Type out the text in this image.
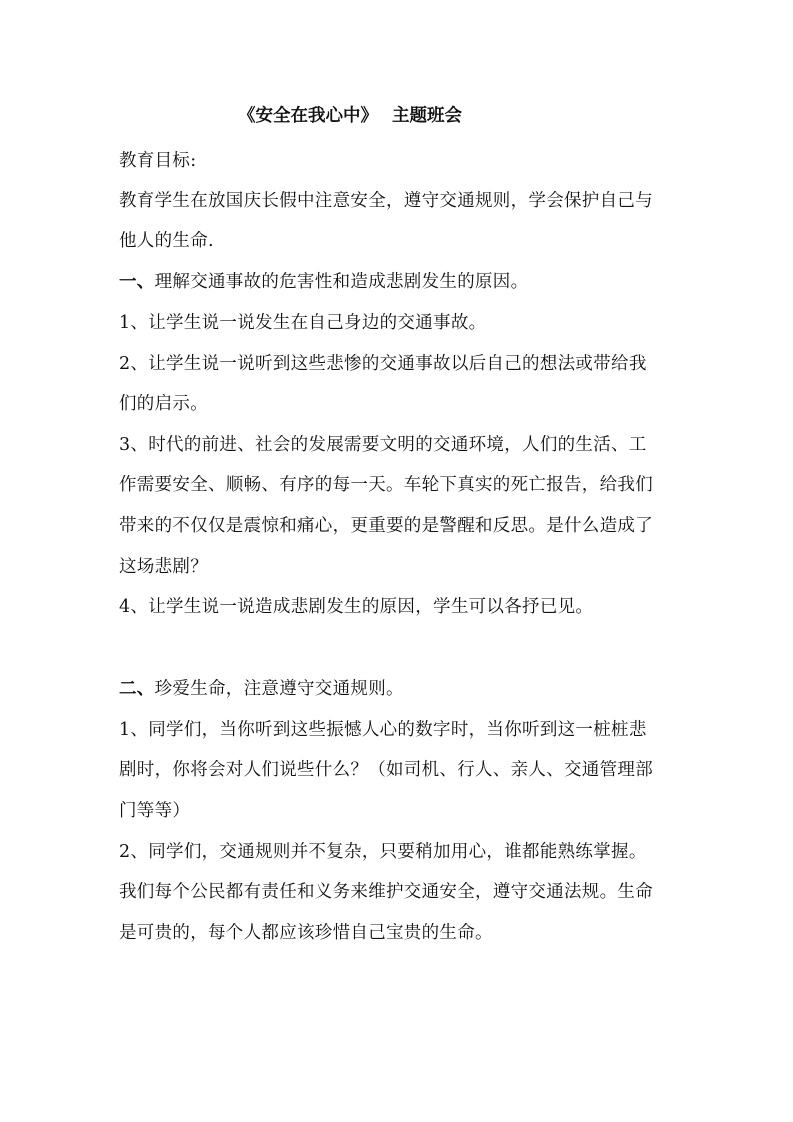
《安全在我心中》 主题班会
教育目标:
教育学生在放国庆长假中注意安全，遵守交通规则，学会保护自己与
他人的生命.
一、理解交通事故的危害性和造成悲剧发生的原因。
1、让学生说一说发生在自己身边的交通事故。
2、让学生说一说听到这些悲惨的交通事故以后自己的想法或带给我
们的启示。
3、时代的前进、社会的发展需要文明的交通环境，人们的生活、工
作需要安全、顺畅、有序的每一天。车轮下真实的死亡报告，给我们
带来的不仅仅是震惊和痛心，更重要的是警醒和反思。是什么造成了
这场悲剧？
4、让学生说一说造成悲剧发生的原因，学生可以各抒已见。
二、珍爱生命，注意遵守交通规则。
1、同学们，当你听到这些振憾人心的数字时，当你听到这一桩桩悲
剧时，你将会对人们说些什么？（如司机、行人、亲人、交通管理部
门等等）
2、同学们，交通规则并不复杂，只要稍加用心，谁都能熟练掌握。
我们每个公民都有责任和义务来维护交通安全，遵守交通法规。生命
是可贵的，每个人都应该珍惜自己宝贵的生命。
